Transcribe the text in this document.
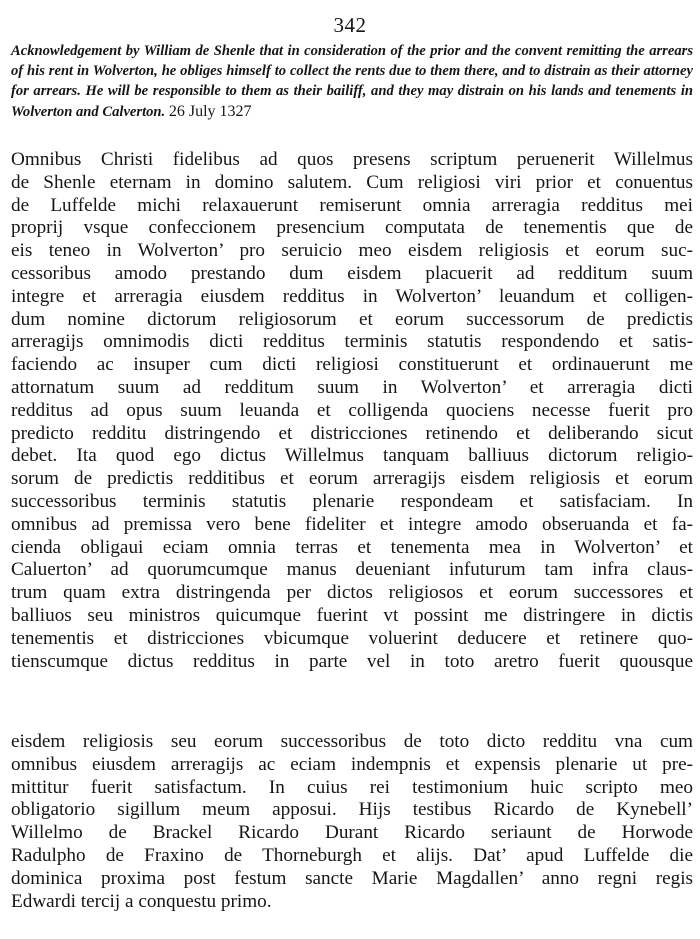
342
Acknowledgement by William de Shenle that in consideration of the prior and the convent remitting the arrears of his rent in Wolverton, he obliges himself to collect the rents due to them there, and to distrain as their attorney for arrears. He will be responsible to them as their bailiff, and they may distrain on his lands and tenements in Wolverton and Calverton. 26 July 1327
Omnibus Christi fidelibus ad quos presens scriptum peruenerit Willelmus
de Shenle eternam in domino salutem. Cum religiosi viri prior et conuentus
de Luffelde michi relaxauerunt remiserunt omnia arreragia redditus mei
proprij vsque confeccionem presencium computata de tenementis que de
eis teneo in Wolverton’ pro seruicio meo eisdem religiosis et eorum suc-
cessoribus amodo prestando dum eisdem placuerit ad redditum suum
integre et arreragia eiusdem redditus in Wolverton’ leuandum et colligen-
dum nomine dictorum religiosorum et eorum successorum de predictis
arreragijs omnimodis dicti redditus terminis statutis respondendo et satis-
faciendo ac insuper cum dicti religiosi constituerunt et ordinauerunt me
attornatum suum ad redditum suum in Wolverton’ et arreragia dicti
redditus ad opus suum leuanda et colligenda quociens necesse fuerit pro
predicto redditu distringendo et districciones retinendo et deliberando sicut
debet. Ita quod ego dictus Willelmus tanquam balliuus dictorum religio-
sorum de predictis redditibus et eorum arreragijs eisdem religiosis et eorum
successoribus terminis statutis plenarie respondeam et satisfaciam. In
omnibus ad premissa vero bene fideliter et integre amodo obseruanda et fa-
cienda obligaui eciam omnia terras et tenementa mea in Wolverton’ et
Caluerton’ ad quorumcumque manus deueniant infuturum tam infra claus-
trum quam extra distringenda per dictos religiosos et eorum successores et
balliuos seu ministros quicumque fuerint vt possint me distringere in dictis
tenementis et districciones vbicumque voluerint deducere et retinere quo-
tienscumque dictus redditus in parte vel in toto aretro fuerit quousque
eisdem religiosis seu eorum successoribus de toto dicto redditu vna cum
omnibus eiusdem arreragijs ac eciam indempnis et expensis plenarie ut pre-
mittitur fuerit satisfactum. In cuius rei testimonium huic scripto meo
obligatorio sigillum meum apposui. Hijs testibus Ricardo de Kynebell’
Willelmo de Brackel Ricardo Durant Ricardo seriaunt de Horwode
Radulpho de Fraxino de Thorneburgh et alijs. Dat’ apud Luffelde die
dominica proxima post festum sancte Marie Magdallen’ anno regni regis
Edwardi tercij a conquestu primo.
